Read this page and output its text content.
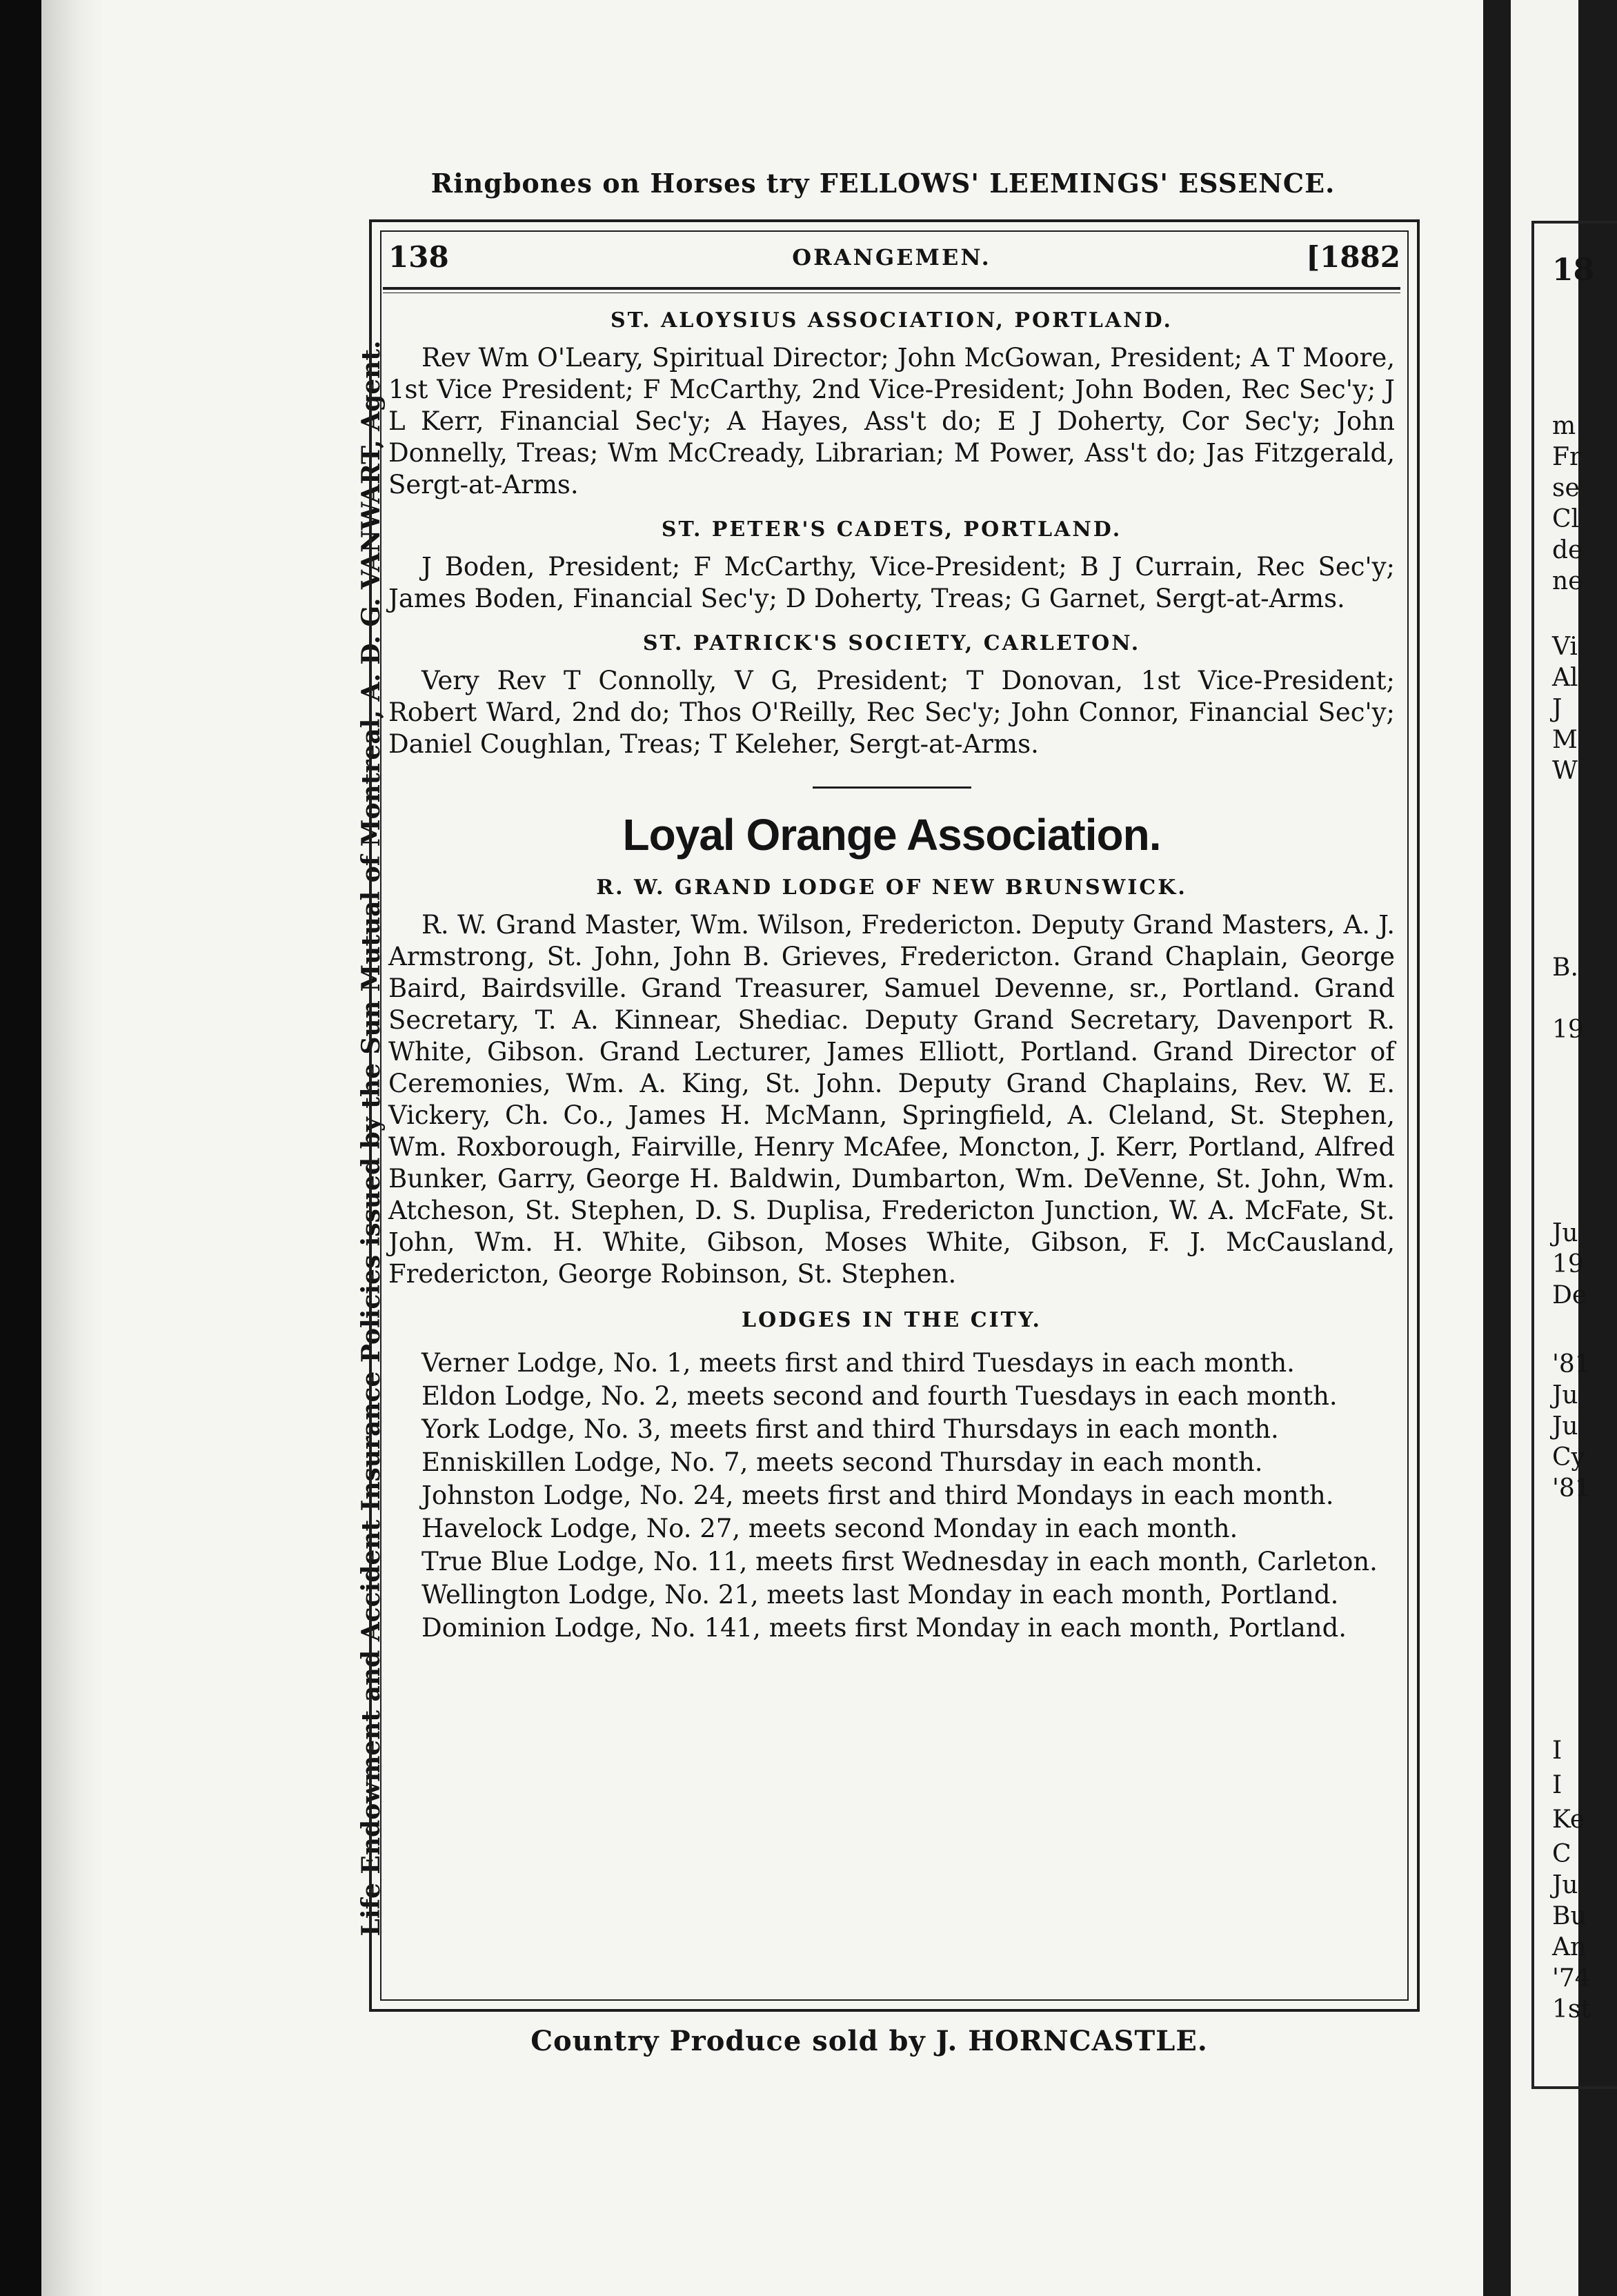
Ringbones on Horses try FELLOWS' LEEMINGS' ESSENCE.
Life Endowment and Accident Insurance Policies issued by the Sun Mutual of Montreal, A. D. G. VANWART, Agent.
138	ORANGEMEN.	[1882
ST. ALOYSIUS ASSOCIATION, PORTLAND.

Rev Wm O'Leary, Spiritual Director; John McGowan, President; A T Moore, 1st Vice President; F McCarthy, 2nd Vice-President; John Boden, Rec Sec'y; J L Kerr, Financial Sec'y; A Hayes, Ass't do; E J Doherty, Cor Sec'y; John Donnelly, Treas; Wm McCready, Librarian; M Power, Ass't do; Jas Fitzgerald, Sergt-at-Arms.

ST. PETER'S CADETS, PORTLAND.

J Boden, President; F McCarthy, Vice-President; B J Currain, Rec Sec'y; James Boden, Financial Sec'y; D Doherty, Treas; G Garnet, Sergt-at-Arms.

ST. PATRICK'S SOCIETY, CARLETON.

Very Rev T Connolly, V G, President; T Donovan, 1st Vice-President; Robert Ward, 2nd do; Thos O'Reilly, Rec Sec'y; John Connor, Financial Sec'y; Daniel Coughlan, Treas; T Keleher, Sergt-at-Arms.

Loyal Orange Association.
R. W. GRAND LODGE OF NEW BRUNSWICK.

R. W. Grand Master, Wm. Wilson, Fredericton. Deputy Grand Masters, A. J. Armstrong, St. John, John B. Grieves, Fredericton. Grand Chaplain, George Baird, Bairdsville. Grand Treasurer, Samuel Devenne, sr., Portland. Grand Secretary, T. A. Kinnear, Shediac. Deputy Grand Secretary, Davenport R. White, Gibson. Grand Lecturer, James Elliott, Portland. Grand Director of Ceremonies, Wm. A. King, St. John. Deputy Grand Chaplains, Rev. W. E. Vickery, Ch. Co., James H. McMann, Springfield, A. Cleland, St. Stephen, Wm. Roxborough, Fairville, Henry McAfee, Moncton, J. Kerr, Portland, Alfred Bunker, Garry, George H. Baldwin, Dumbarton, Wm. DeVenne, St. John, Wm. Atcheson, St. Stephen, D. S. Duplisa, Fredericton Junction, W. A. McFate, St. John, Wm. H. White, Gibson, Moses White, Gibson, F. J. McCausland, Fredericton, George Robinson, St. Stephen.

LODGES IN THE CITY.

Verner Lodge, No. 1, meets first and third Tuesdays in each month.

Eldon Lodge, No. 2, meets second and fourth Tuesdays in each month.

York Lodge, No. 3, meets first and third Thursdays in each month.

Enniskillen Lodge, No. 7, meets second Thursday in each month.

Johnston Lodge, No. 24, meets first and third Mondays in each month.

Havelock Lodge, No. 27, meets second Monday in each month.

True Blue Lodge, No. 11, meets first Wednesday in each month, Carleton.

Wellington Lodge, No. 21, meets last Monday in each month, Portland.

Dominion Lodge, No. 141, meets first Monday in each month, Portland.

Country Produce sold by J. HORNCASTLE.
18
m
Fr
se
Cl
de
ne
Vi
Al
J
M
W
B.
19
Ju
19
De
'81
Ju
Ju
Cy
'81
I
I
Ke
C
Ju
Bu
An
'74
1st
